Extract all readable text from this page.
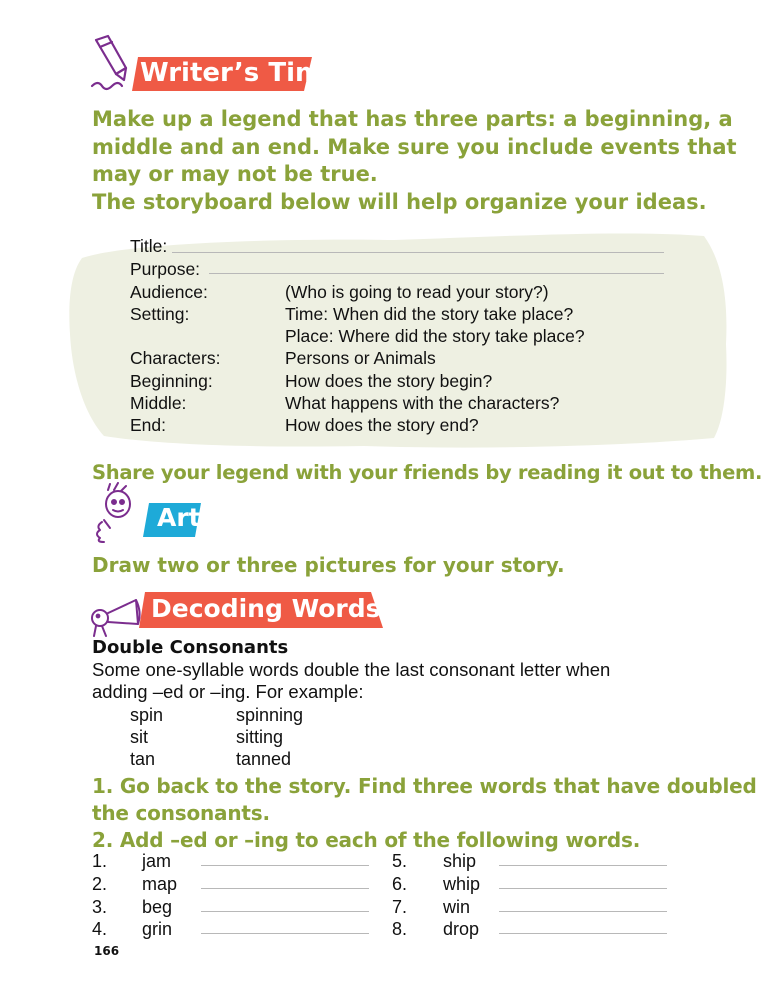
Writer’s Time
Make up a legend that has three parts: a beginning, a
middle and an end. Make sure you include events that
may or may not be true.
The storyboard below will help organize your ideas.
Title:
Purpose:
Audience:	(Who is going to read your story?)
Setting:	Time: When did the story take place?
Place: Where did the story take place?
Characters:	Persons or Animals
Beginning:	How does the story begin?
Middle:	What happens with the characters?
End:	How does the story end?
Share your legend with your friends by reading it out to them.
Art
Draw two or three pictures for your story.
Decoding Words
Double Consonants
Some one-syllable words double the last consonant letter when
adding –ed or –ing. For example:
spin	spinning
sit	sitting
tan	tanned
1. Go back to the story. Find three words that have doubled
the consonants.
2. Add –ed or –ing to each of the following words.
1. jam
2. map
3. beg
4. grin
5. ship
6. whip
7. win
8. drop
166
